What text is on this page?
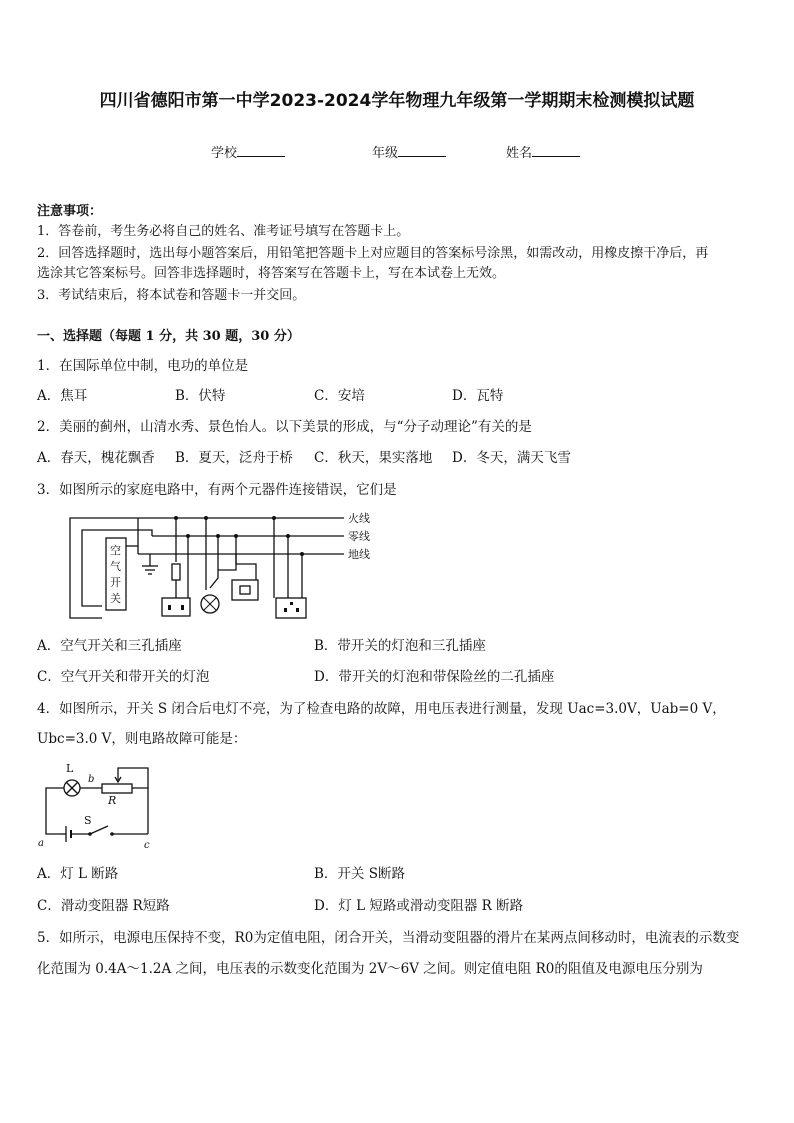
四川省德阳市第一中学2023-2024学年物理九年级第一学期期末检测模拟试题
学校	年级	姓名
注意事项：
1．答卷前，考生务必将自己的姓名、准考证号填写在答题卡上。
2．回答选择题时，选出每小题答案后，用铅笔把答题卡上对应题目的答案标号涂黑，如需改动，用橡皮擦干净后，再
选涂其它答案标号。回答非选择题时，将答案写在答题卡上，写在本试卷上无效。
3．考试结束后，将本试卷和答题卡一并交回。
一、选择题（每题 1 分，共 30 题，30 分）
1．在国际单位中制，电功的单位是
A．焦耳	B．伏特	C．安培	D．瓦特
2．美丽的蓟州，山清水秀、景色怡人。以下美景的形成，与“分子动理论”有关的是
A．春天，槐花飘香 B．夏天，泛舟于桥 C．秋天，果实落地 D．冬天，满天飞雪
3．如图所示的家庭电路中，有两个元器件连接错误，它们是
火线
零线
地线
空
气
开
关
A．空气开关和三孔插座	B．带开关的灯泡和三孔插座
C．空气开关和带开关的灯泡	D．带开关的灯泡和带保险丝的二孔插座
4．如图所示，开关 S 闭合后电灯不亮，为了检查电路的故障，用电压表进行测量，发现 Uac=3.0V，Uab=0 V，
Ubc=3.0 V，则电路故障可能是：
L
b
R
S
a	c
A．灯 L 断路	B．开关 S断路
C．滑动变阻器 R短路	D．灯 L 短路或滑动变阻器 R 断路
5．如所示，电源电压保持不变，R0为定值电阻，闭合开关，当滑动变阻器的滑片在某两点间移动时，电流表的示数变
化范围为 0.4A～1.2A 之间，电压表的示数变化范围为 2V～6V 之间。则定值电阻 R0的阻值及电源电压分别为
